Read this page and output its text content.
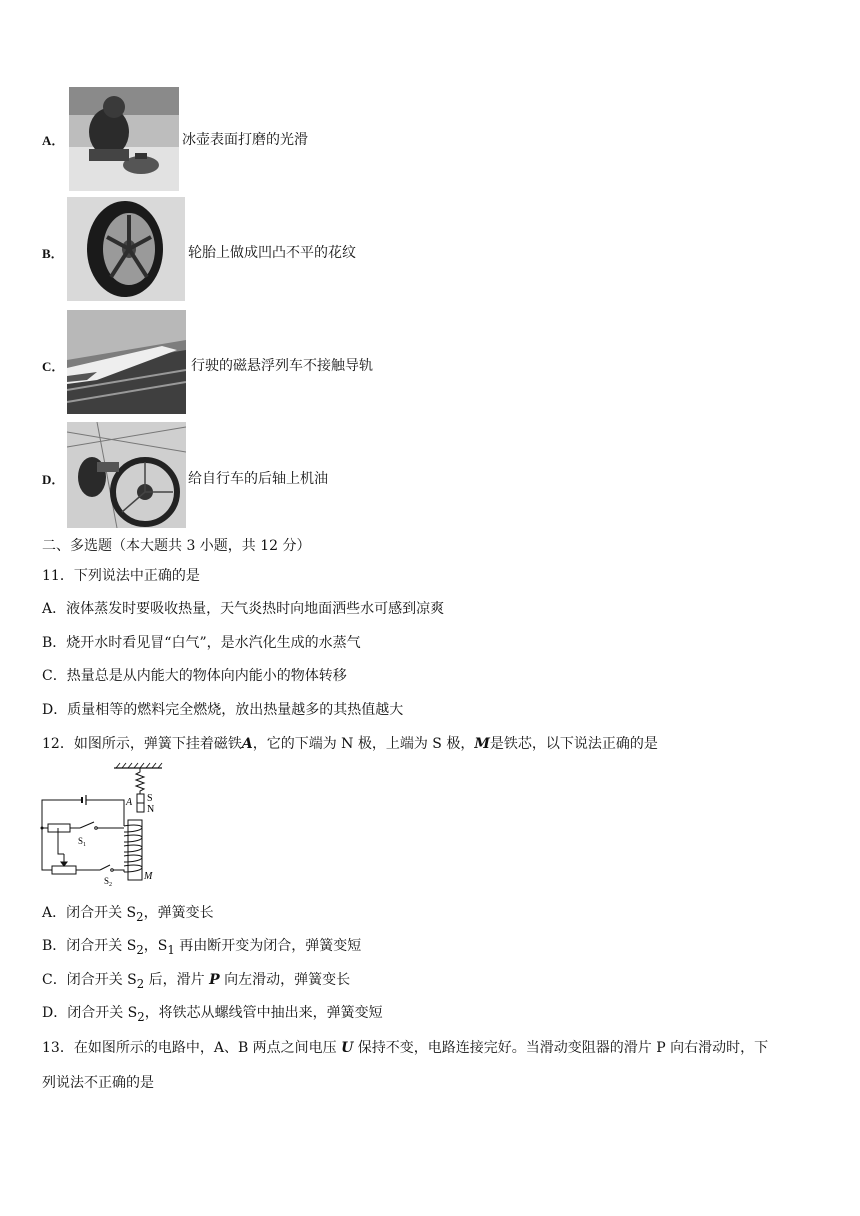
A．	冰壶表面打磨的光滑
B．	轮胎上做成凹凸不平的花纹
C．	行驶的磁悬浮列车不接触导轨
D．	给自行车的后轴上机油
二、多选题（本大题共 3 小题，共 12 分）
11．下列说法中正确的是
A．液体蒸发时要吸收热量，天气炎热时向地面洒些水可感到凉爽
B．烧开水时看见冒“白气”，是水汽化生成的水蒸气
C．热量总是从内能大的物体向内能小的物体转移
D．质量相等的燃料完全燃烧，放出热量越多的其热值越大
12．如图所示，弹簧下挂着磁铁A，它的下端为 N 极，上端为 S 极，M是铁芯，以下说法正确的是
S
N
A
M
$S_1$
$S_2$
A．闭合开关 $S_2$，弹簧变长
B．闭合开关 $S_2$，$S_1$ 再由断开变为闭合，弹簧变短
C．闭合开关 $S_2$ 后，滑片 P 向左滑动，弹簧变长
D．闭合开关 $S_2$，将铁芯从螺线管中抽出来，弹簧变短
13．在如图所示的电路中，A、B 两点之间电压 U 保持不变，电路连接完好。当滑动变阻器的滑片 P 向右滑动时，下
列说法不正确的是
